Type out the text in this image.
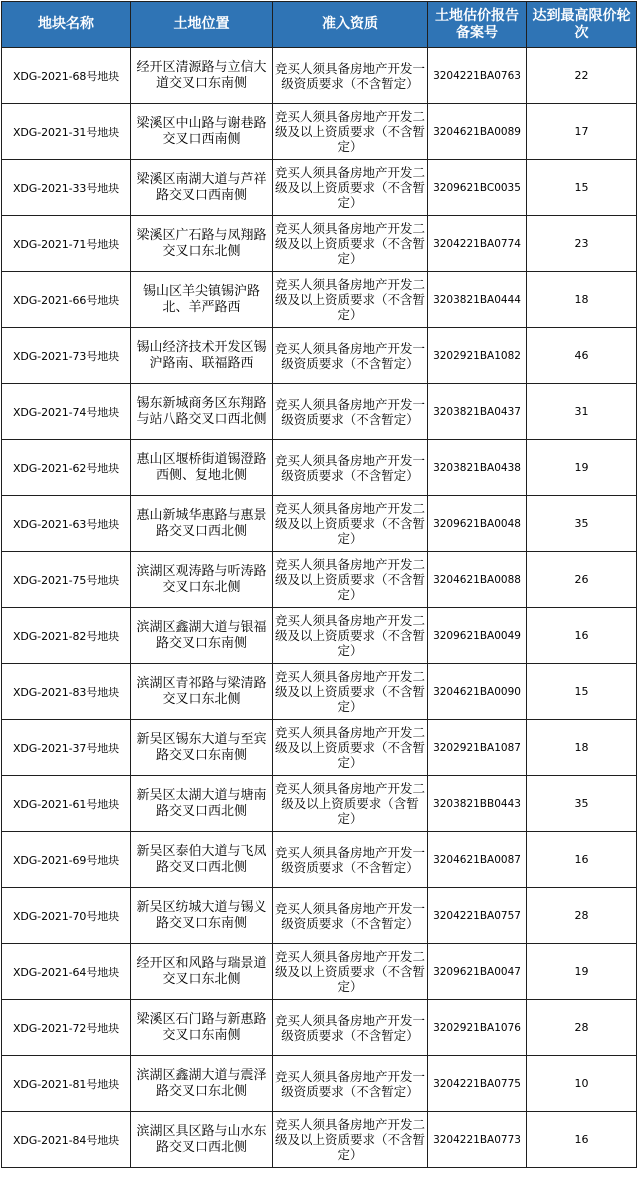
地块名称	土地位置	准入资质	土地估价报告备案号	达到最高限价轮次
XDG-2021-68号地块	经开区清源路与立信大道交叉口东南侧	竞买人须具备房地产开发一级资质要求（不含暂定）	3204221BA0763	22
XDG-2021-31号地块	梁溪区中山路与谢巷路交叉口西南侧	竞买人须具备房地产开发二级及以上资质要求（不含暂定）	3204621BA0089	17
XDG-2021-33号地块	梁溪区南湖大道与芦祥路交叉口西南侧	竞买人须具备房地产开发二级及以上资质要求（不含暂定）	3209621BC0035	15
XDG-2021-71号地块	梁溪区广石路与凤翔路交叉口东北侧	竞买人须具备房地产开发二级及以上资质要求（不含暂定）	3204221BA0774	23
XDG-2021-66号地块	锡山区羊尖镇锡沪路北、羊严路西	竞买人须具备房地产开发二级及以上资质要求（不含暂定）	3203821BA0444	18
XDG-2021-73号地块	锡山经济技术开发区锡沪路南、联福路西	竞买人须具备房地产开发一级资质要求（不含暂定）	3202921BA1082	46
XDG-2021-74号地块	锡东新城商务区东翔路与站八路交叉口西北侧	竞买人须具备房地产开发一级资质要求（不含暂定）	3203821BA0437	31
XDG-2021-62号地块	惠山区堰桥街道锡澄路西侧、复地北侧	竞买人须具备房地产开发一级资质要求（不含暂定）	3203821BA0438	19
XDG-2021-63号地块	惠山新城华惠路与惠景路交叉口西北侧	竞买人须具备房地产开发二级及以上资质要求（不含暂定）	3209621BA0048	35
XDG-2021-75号地块	滨湖区观涛路与听涛路交叉口东北侧	竞买人须具备房地产开发二级及以上资质要求（不含暂定）	3204621BA0088	26
XDG-2021-82号地块	滨湖区鑫湖大道与银福路交叉口东南侧	竞买人须具备房地产开发二级及以上资质要求（不含暂定）	3209621BA0049	16
XDG-2021-83号地块	滨湖区青祁路与梁清路交叉口东北侧	竞买人须具备房地产开发二级及以上资质要求（不含暂定）	3204621BA0090	15
XDG-2021-37号地块	新吴区锡东大道与至宾路交叉口东南侧	竞买人须具备房地产开发二级及以上资质要求（不含暂定）	3202921BA1087	18
XDG-2021-61号地块	新吴区太湖大道与塘南路交叉口西北侧	竞买人须具备房地产开发二级及以上资质要求（含暂定）	3203821BB0443	35
XDG-2021-69号地块	新吴区泰伯大道与飞凤路交叉口西北侧	竞买人须具备房地产开发一级资质要求（不含暂定）	3204621BA0087	16
XDG-2021-70号地块	新吴区纺城大道与锡义路交叉口东南侧	竞买人须具备房地产开发一级资质要求（不含暂定）	3204221BA0757	28
XDG-2021-64号地块	经开区和风路与瑞景道交叉口东北侧	竞买人须具备房地产开发二级及以上资质要求（不含暂定）	3209621BA0047	19
XDG-2021-72号地块	梁溪区石门路与新惠路交叉口东南侧	竞买人须具备房地产开发一级资质要求（不含暂定）	3202921BA1076	28
XDG-2021-81号地块	滨湖区鑫湖大道与震泽路交叉口东北侧	竞买人须具备房地产开发一级资质要求（不含暂定）	3204221BA0775	10
XDG-2021-84号地块	滨湖区具区路与山水东路交叉口西北侧	竞买人须具备房地产开发二级及以上资质要求（不含暂定）	3204221BA0773	16
